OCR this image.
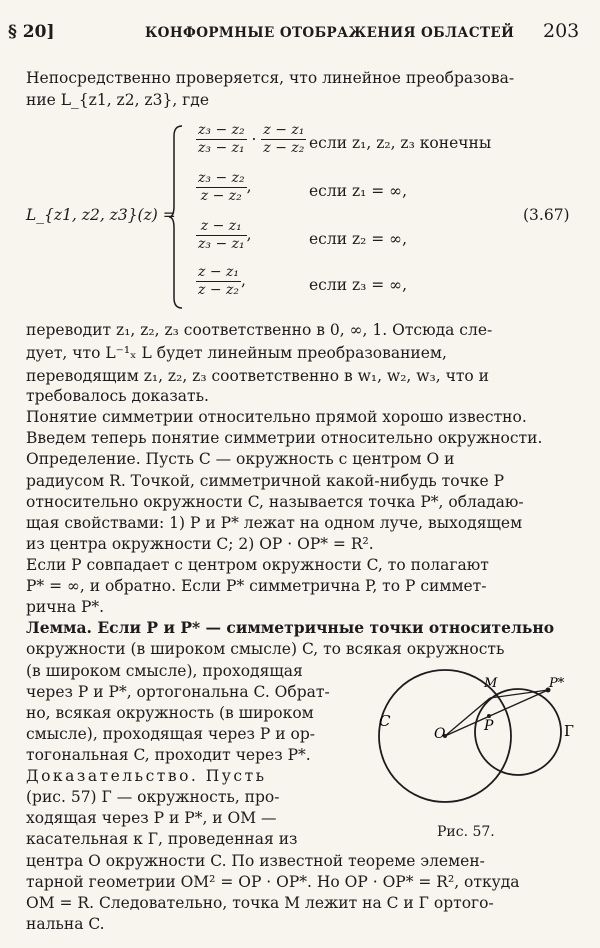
§ 20]	КОНФОРМНЫЕ ОТОБРАЖЕНИЯ ОБЛАСТЕЙ 203
Непосредственно проверяется, что линейное преобразова-
ние L_{z1, z2, z3}, где
L_{z1, z2, z3}(z) =
$\frac{\text{z₃ − z₂}}{\text{z₃ − z₁}} \cdot \frac{\text{z − z₁}}{\text{z − z₂}}$ если z₁, z₂, z₃ конечны
$\frac{\text{z₃ − z₂}}{\text{z − z₂}}$ ,	если z₁ = ∞,
$\frac{\text{z − z₁}}{\text{z₃ − z₁}}$ ,	если z₂ = ∞,
$\frac{\text{z − z₁}}{\text{z − z₂}}$ ,	если z₃ = ∞,
(3.67)
переводит z₁, z₂, z₃ соответственно в 0, ∞, 1. Отсюда сле-
дует, что L⁻¹ₓ L будет линейным преобразованием,
переводящим z₁, z₂, z₃ соответственно в w₁, w₂, w₃, что и
требовалось доказать.
Понятие симметрии относительно прямой хорошо известно.
Введем теперь понятие симметрии относительно окружности.
Определение. Пусть C — окружность с центром O и
радиусом R. Точкой, симметричной какой-нибудь точке P
относительно окружности C, называется точка P*, обладаю-
щая свойствами: 1) P и P* лежат на одном луче, выходящем
из центра окружности C; 2) OP · OP* = R².
Если P совпадает с центром окружности C, то полагают
P* = ∞, и обратно. Если P* симметрична P, то P симмет-
рична P*.
Лемма. Если P и P* — симметричные точки относительно
окружности (в широком смысле) C, то всякая окружность
(в широком смысле), проходящая
через P и P*, ортогональна C. Обрат-
но, всякая окружность (в широком
смысле), проходящая через P и ор-
тогональная C, проходит через P*.
Доказательство. Пусть
(рис. 57) Г — окружность, про-
ходящая через P и P*, и OM —
касательная к Г, проведенная из
центра O окружности C. По известной теореме элемен-
тарной геометрии OM² = OP · OP*. Но OP · OP* = R², откуда
OM = R. Следовательно, точка M лежит на C и Г ортого-
нальна C.
C
O	P
M	P*
Г
Рис. 57.
